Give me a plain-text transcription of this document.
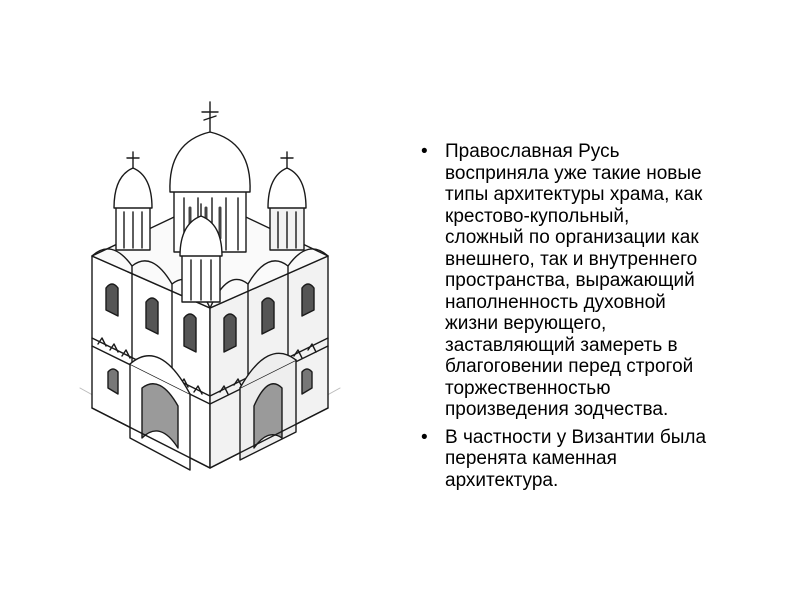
• Православная Русь
восприняла уже такие новые
типы архитектуры храма, как
крестово-купольный,
сложный по организации как
внешнего, так и внутреннего
пространства, выражающий
наполненность духовной
жизни верующего,
заставляющий замереть в
благоговении перед строгой
торжественностью
произведения зодчества.
• В частности у Византии была
перенята каменная
архитектура.
